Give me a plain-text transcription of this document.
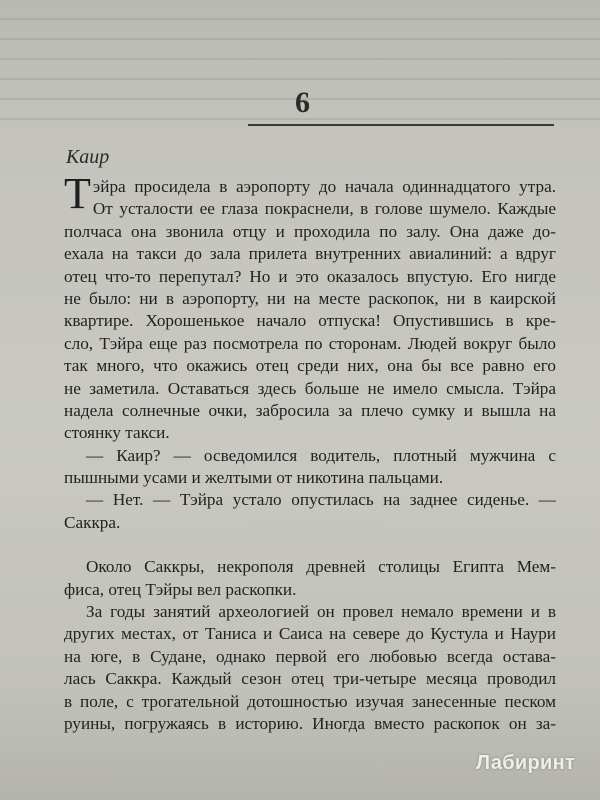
6
Каир
Тэйра просидела в аэропорту до начала одиннадцатого утра.
От усталости ее глаза покраснели, в голове шумело. Каждые
полчаса она звонила отцу и проходила по залу. Она даже до-
ехала на такси до зала прилета внутренних авиалиний: а вдруг
отец что-то перепутал? Но и это оказалось впустую. Его нигде
не было: ни в аэропорту, ни на месте раскопок, ни в каирской
квартире. Хорошенькое начало отпуска! Опустившись в кре-
сло, Тэйра еще раз посмотрела по сторонам. Людей вокруг было
так много, что окажись отец среди них, она бы все равно его
не заметила. Оставаться здесь больше не имело смысла. Тэйра
надела солнечные очки, забросила за плечо сумку и вышла на
стоянку такси.
— Каир? — осведомился водитель, плотный мужчина с
пышными усами и желтыми от никотина пальцами.
— Нет. — Тэйра устало опустилась на заднее сиденье. —
Саккра.
Около Саккры, некрополя древней столицы Египта Мем-
фиса, отец Тэйры вел раскопки.
За годы занятий археологией он провел немало времени и в
других местах, от Таниса и Саиса на севере до Кустула и Наури
на юге, в Судане, однако первой его любовью всегда остава-
лась Саккра. Каждый сезон отец три-четыре месяца проводил
в поле, с трогательной дотошностью изучая занесенные песком
руины, погружаясь в историю. Иногда вместо раскопок он за-
Лабиринт
